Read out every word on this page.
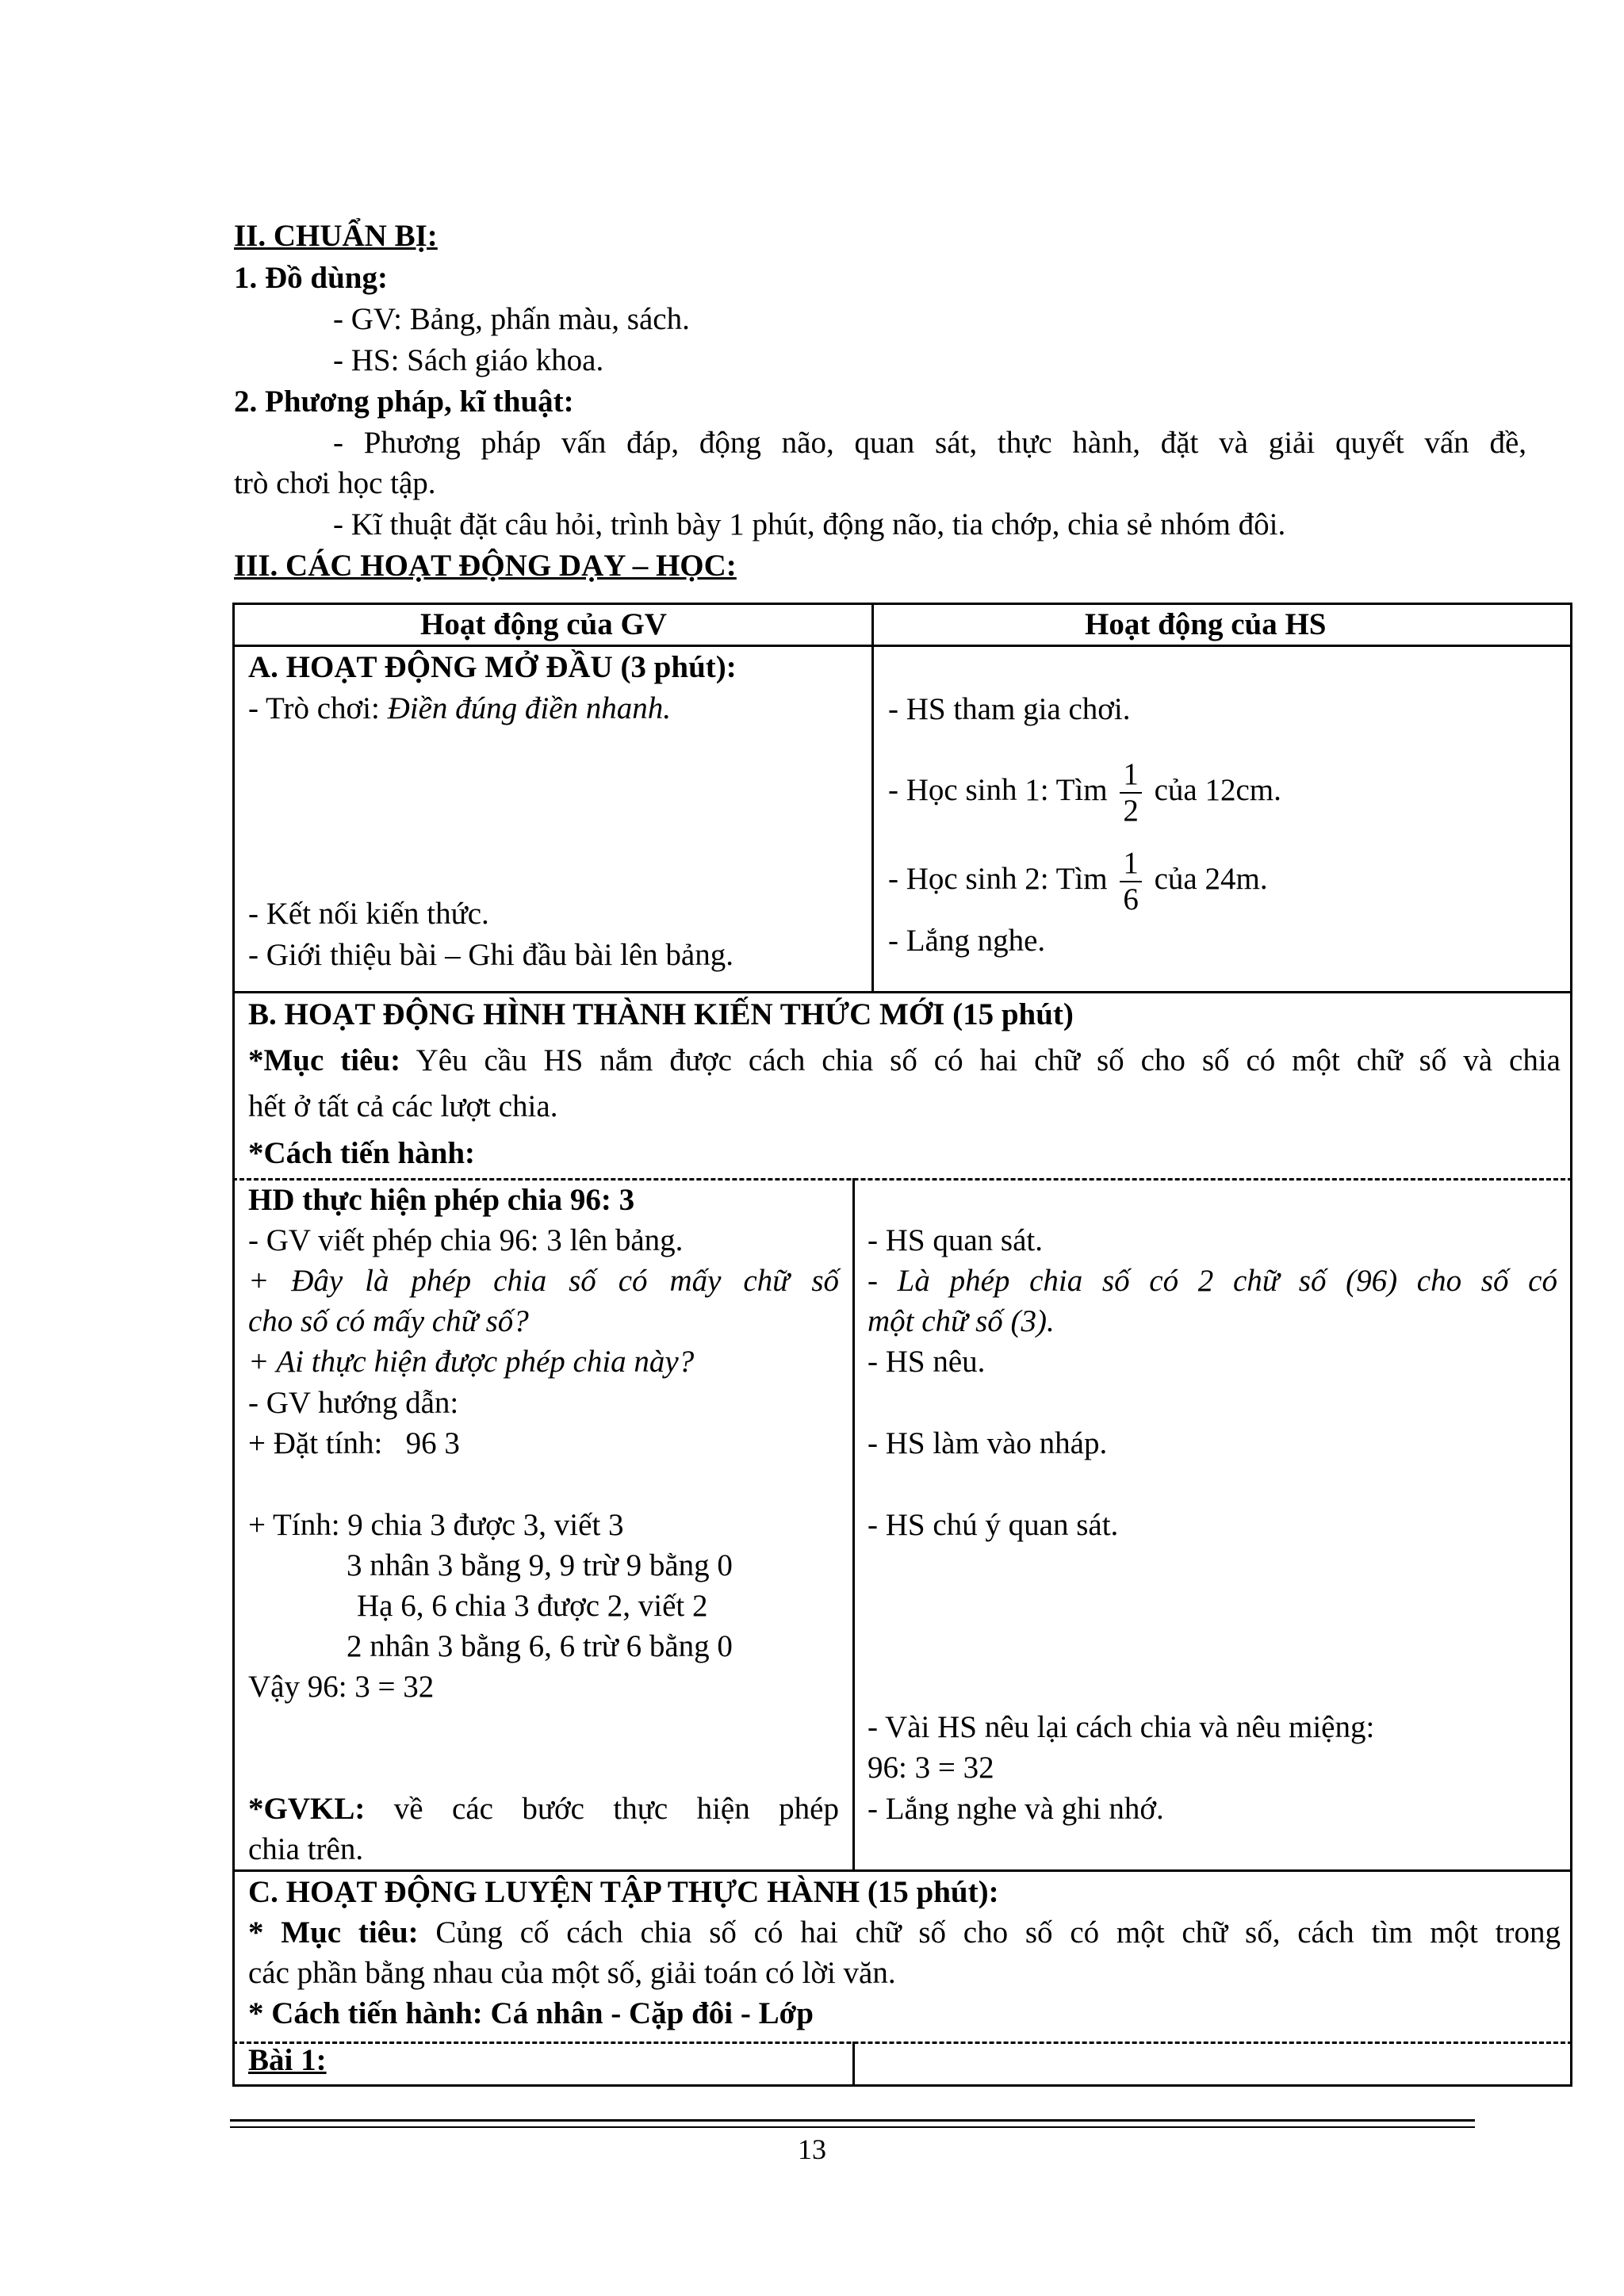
II. CHUẨN BỊ:
1. Đồ dùng:
- GV: Bảng, phấn màu, sách.
- HS: Sách giáo khoa.
2. Phương pháp, kĩ thuật:
- Phương pháp vấn đáp, động não, quan sát, thực hành, đặt và giải quyết vấn đề,
trò chơi học tập.
- Kĩ thuật đặt câu hỏi, trình bày 1 phút, động não, tia chớp, chia sẻ nhóm đôi.
III. CÁC HOẠT ĐỘNG DẠY – HỌC:
Hoạt động của GV	Hoạt động của HS
A. HOẠT ĐỘNG MỞ ĐẦU (3 phút):
- Trò chơi: Điền đúng điền nhanh.
- Kết nối kiến thức.
- Giới thiệu bài – Ghi đầu bài lên bảng.
- HS tham gia chơi.
- Học sinh 1: Tìm $\frac{1}{2}$ của 12cm.
- Học sinh 2: Tìm $\frac{1}{6}$ của 24m.
- Lắng nghe.
B. HOẠT ĐỘNG HÌNH THÀNH KIẾN THỨC MỚI (15 phút)
*Mục tiêu: Yêu cầu HS nắm được cách chia số có hai chữ số cho số có một chữ số và chia
hết ở tất cả các lượt chia.
*Cách tiến hành:
HD thực hiện phép chia 96: 3
- GV viết phép chia 96: 3 lên bảng.
+ Đây là phép chia số có mấy chữ số
cho số có mấy chữ số?
+ Ai thực hiện được phép chia này?
- GV hướng dẫn:
+ Đặt tính: 96 3
+ Tính: 9 chia 3 được 3, viết 3
3 nhân 3 bằng 9, 9 trừ 9 bằng 0
Hạ 6, 6 chia 3 được 2, viết 2
2 nhân 3 bằng 6, 6 trừ 6 bằng 0
Vậy 96: 3 = 32
*GVKL: về các bước thực hiện phép
chia trên.
- HS quan sát.
- Là phép chia số có 2 chữ số (96) cho số có
một chữ số (3).
- HS nêu.
- HS làm vào nháp.
- HS chú ý quan sát.
- Vài HS nêu lại cách chia và nêu miệng:
96: 3 = 32
- Lắng nghe và ghi nhớ.
C. HOẠT ĐỘNG LUYỆN TẬP THỰC HÀNH (15 phút):
* Mục tiêu: Củng cố cách chia số có hai chữ số cho số có một chữ số, cách tìm một trong
các phần bằng nhau của một số, giải toán có lời văn.
* Cách tiến hành: Cá nhân - Cặp đôi - Lớp
Bài 1:
13
